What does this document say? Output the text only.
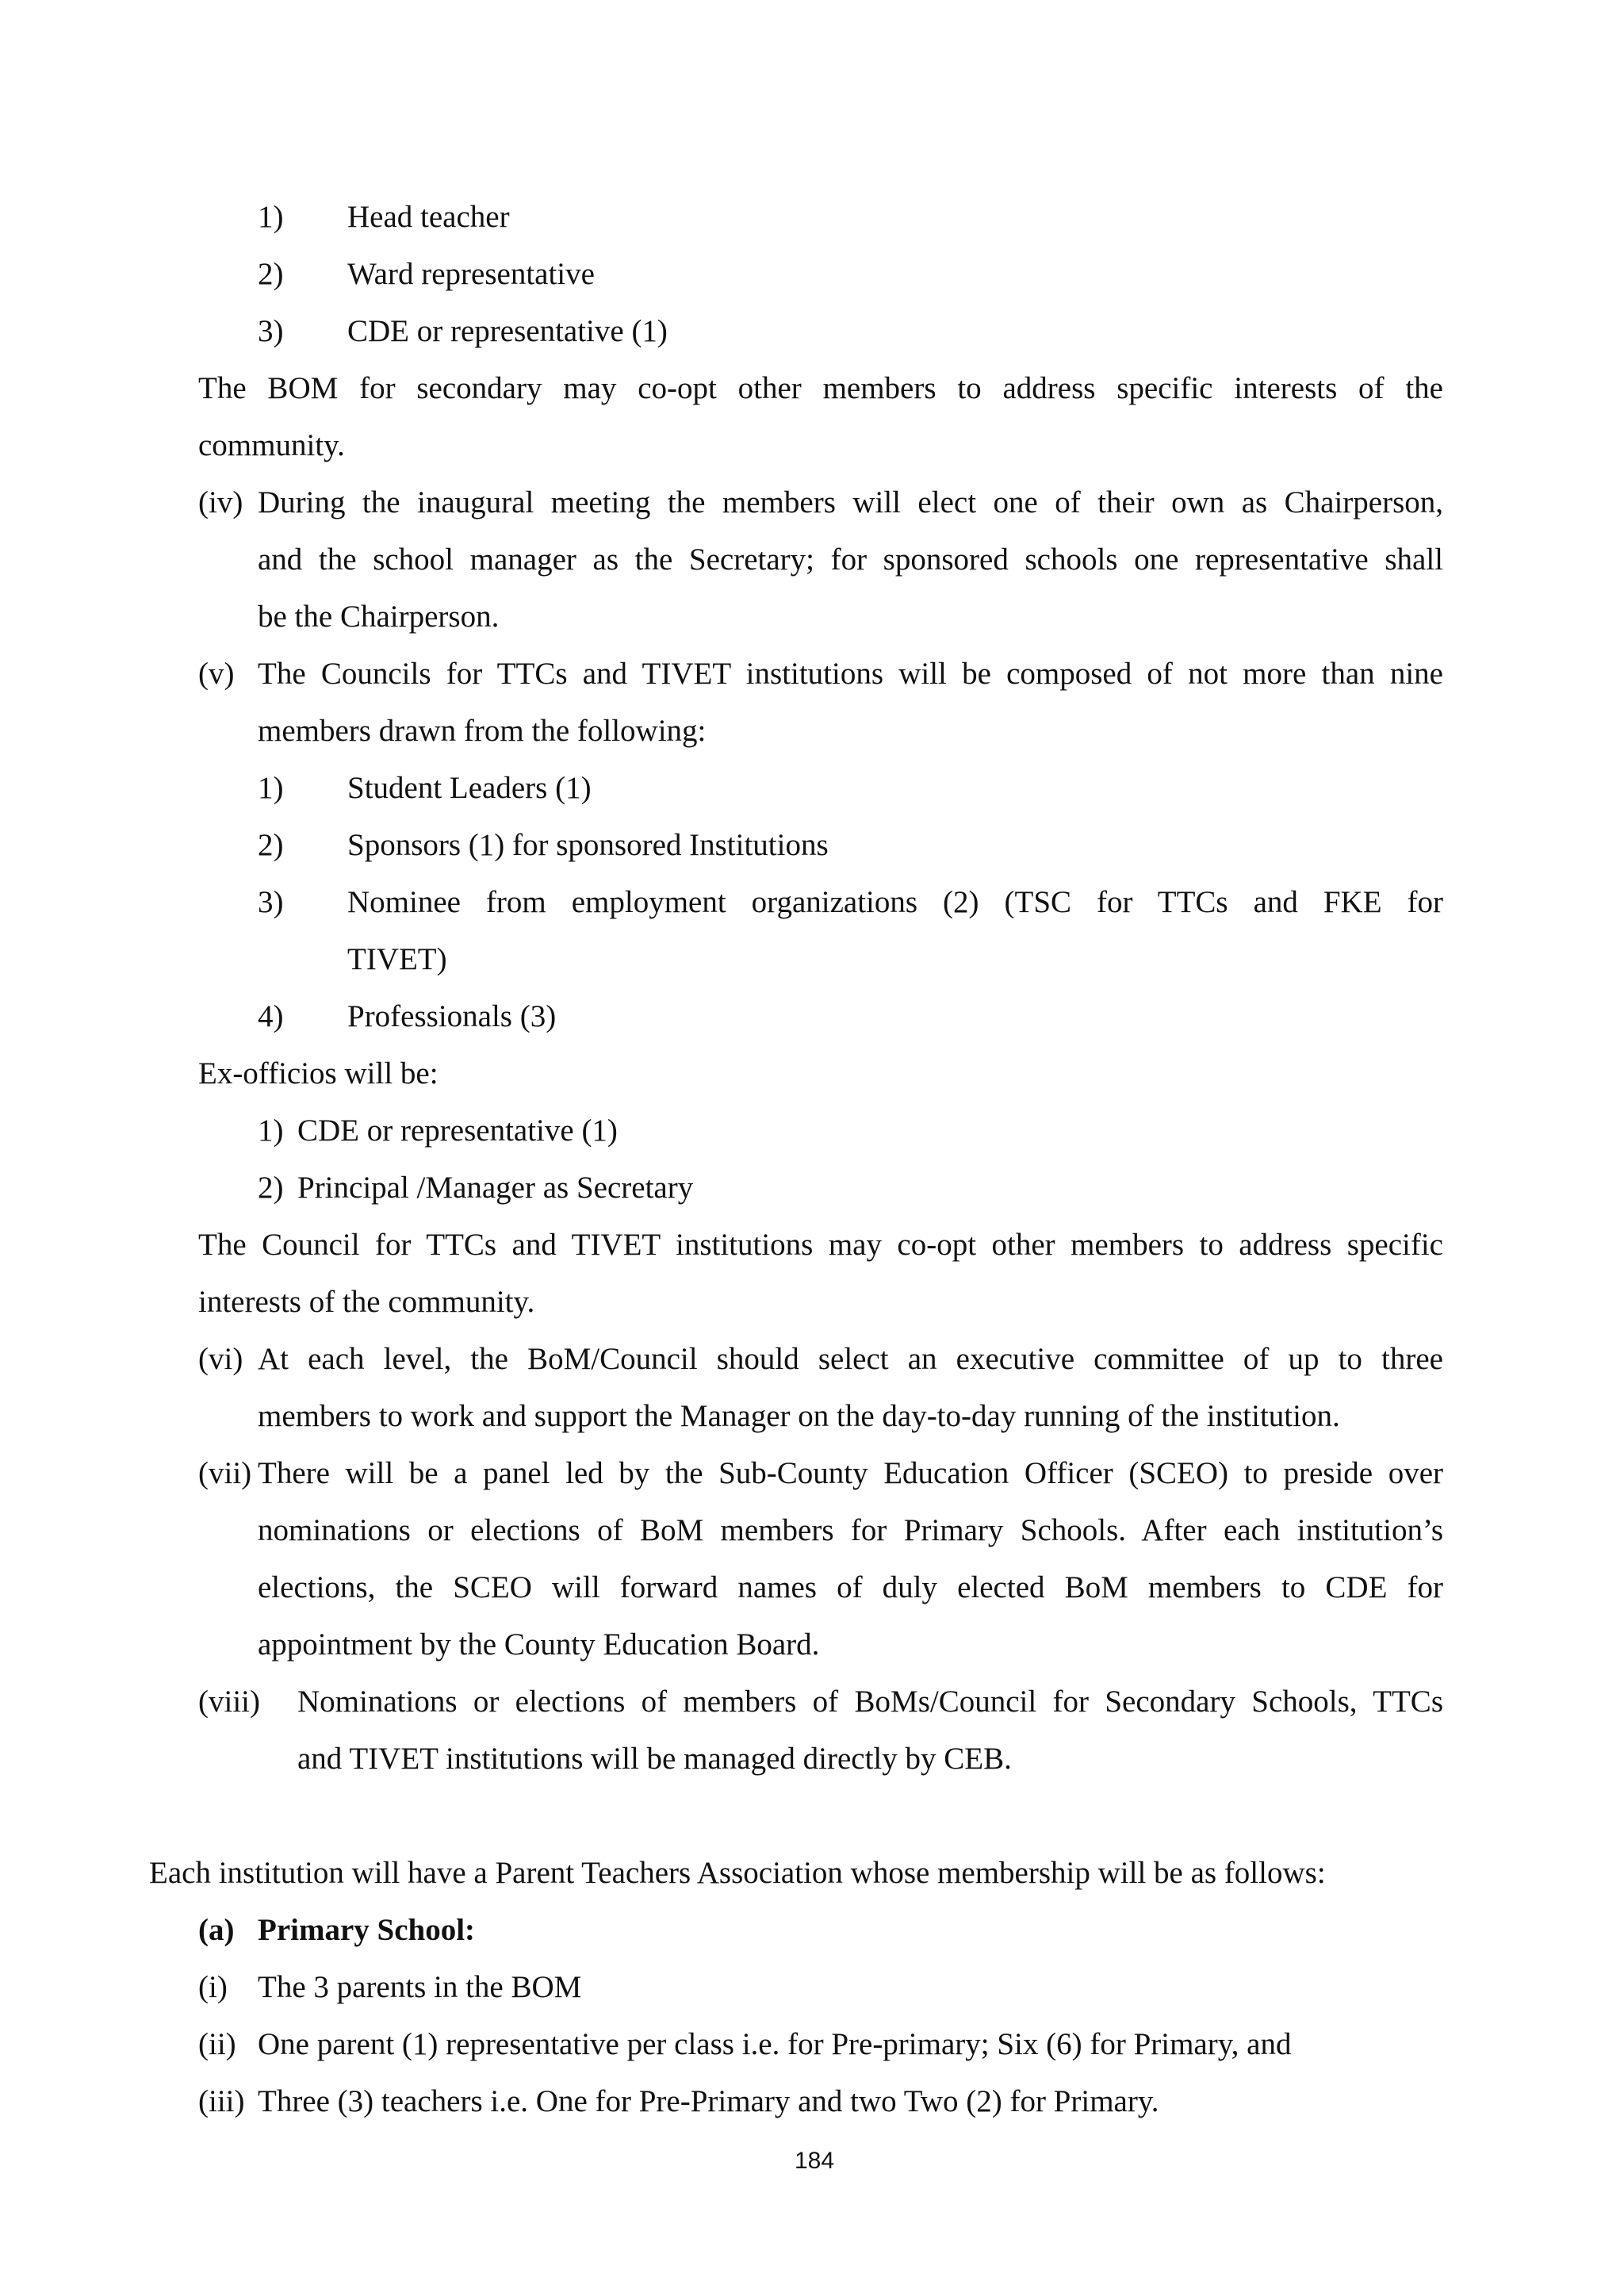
1) Head teacher
2) Ward representative
3) CDE or representative (1)
The BOM for secondary may co-opt other members to address specific interests of the
community.
(iv) During the inaugural meeting the members will elect one of their own as Chairperson,
and the school manager as the Secretary; for sponsored schools one representative shall
be the Chairperson.
(v) The Councils for TTCs and TIVET institutions will be composed of not more than nine
members drawn from the following:
1) Student Leaders (1)
2) Sponsors (1) for sponsored Institutions
3) Nominee from employment organizations (2) (TSC for TTCs and FKE for
TIVET)
4) Professionals (3)
Ex-officios will be:
1) CDE or representative (1)
2) Principal /Manager as Secretary
The Council for TTCs and TIVET institutions may co-opt other members to address specific
interests of the community.
(vi) At each level, the BoM/Council should select an executive committee of up to three
members to work and support the Manager on the day-to-day running of the institution.
(vii) There will be a panel led by the Sub-County Education Officer (SCEO) to preside over
nominations or elections of BoM members for Primary Schools. After each institution’s
elections, the SCEO will forward names of duly elected BoM members to CDE for
appointment by the County Education Board.
(viii) Nominations or elections of members of BoMs/Council for Secondary Schools, TTCs
and TIVET institutions will be managed directly by CEB.
Each institution will have a Parent Teachers Association whose membership will be as follows:
(a) Primary School:
(i) The 3 parents in the BOM
(ii) One parent (1) representative per class i.e. for Pre-primary; Six (6) for Primary, and
(iii) Three (3) teachers i.e. One for Pre-Primary and two Two (2) for Primary.
184
